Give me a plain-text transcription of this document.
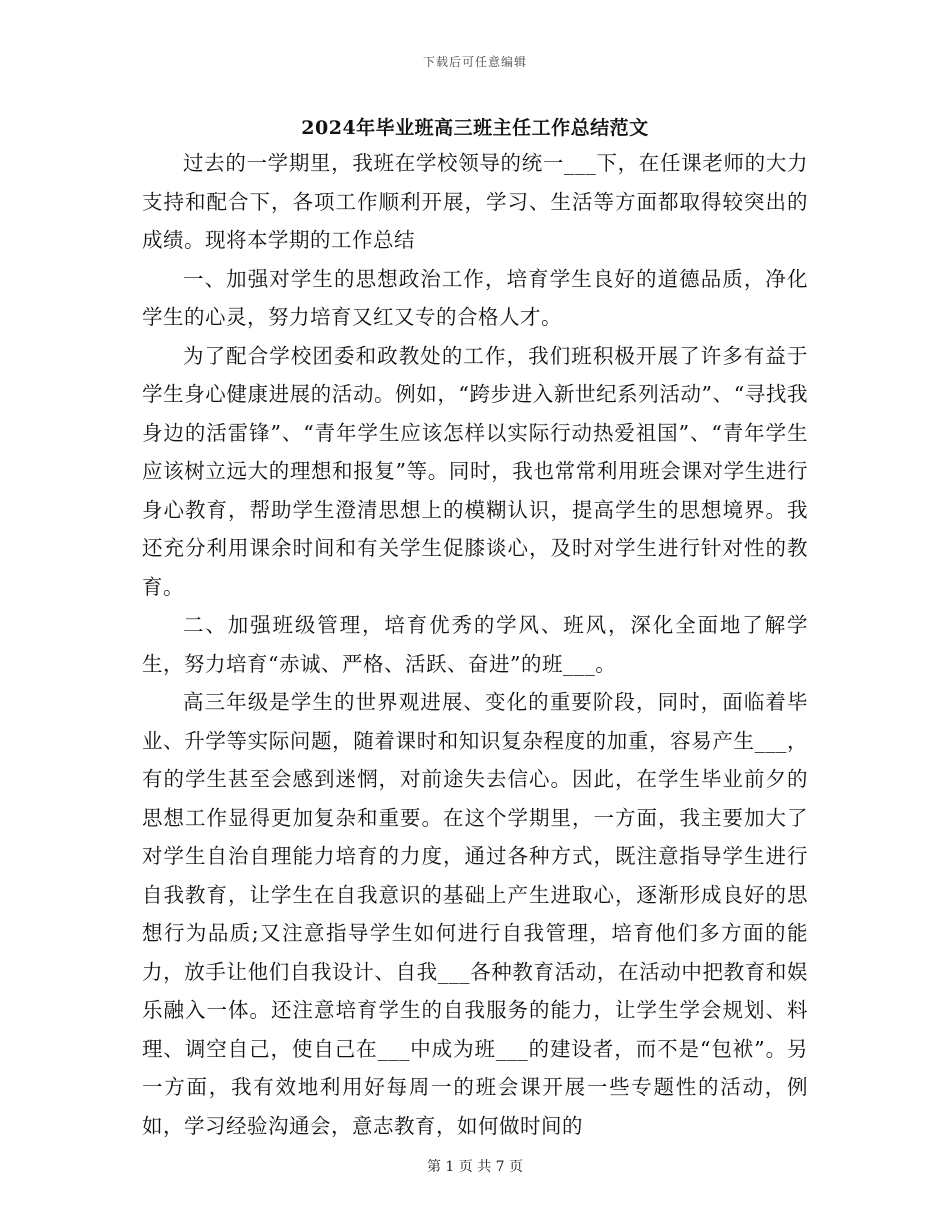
下载后可任意编辑
2024年毕业班高三班主任工作总结范文

过去的一学期里，我班在学校领导的统一___下，在任课老师的大力支持和配合下，各项工作顺利开展，学习、生活等方面都取得较突出的成绩。现将本学期的工作总结

一、加强对学生的思想政治工作，培育学生良好的道德品质，净化学生的心灵，努力培育又红又专的合格人才。

为了配合学校团委和政教处的工作，我们班积极开展了许多有益于学生身心健康进展的活动。例如，“跨步进入新世纪系列活动”、“寻找我身边的活雷锋”、“青年学生应该怎样以实际行动热爱祖国”、“青年学生应该树立远大的理想和报复”等。同时，我也常常利用班会课对学生进行身心教育，帮助学生澄清思想上的模糊认识，提高学生的思想境界。我还充分利用课余时间和有关学生促膝谈心，及时对学生进行针对性的教育。

二、加强班级管理，培育优秀的学风、班风，深化全面地了解学生，努力培育“赤诚、严格、活跃、奋进”的班___。

高三年级是学生的世界观进展、变化的重要阶段，同时，面临着毕业、升学等实际问题，随着课时和知识复杂程度的加重，容易产生___，有的学生甚至会感到迷惘，对前途失去信心。因此，在学生毕业前夕的思想工作显得更加复杂和重要。在这个学期里，一方面，我主要加大了对学生自治自理能力培育的力度，通过各种方式，既注意指导学生进行自我教育，让学生在自我意识的基础上产生进取心，逐渐形成良好的思想行为品质;又注意指导学生如何进行自我管理，培育他们多方面的能力，放手让他们自我设计、自我___各种教育活动，在活动中把教育和娱乐融入一体。还注意培育学生的自我服务的能力，让学生学会规划、料理、调空自己，使自己在___中成为班___的建设者，而不是“包袱”。另一方面，我有效地利用好每周一的班会课开展一些专题性的活动，例如，学习经验沟通会，意志教育，如何做时间的

第 1 页 共 7 页
